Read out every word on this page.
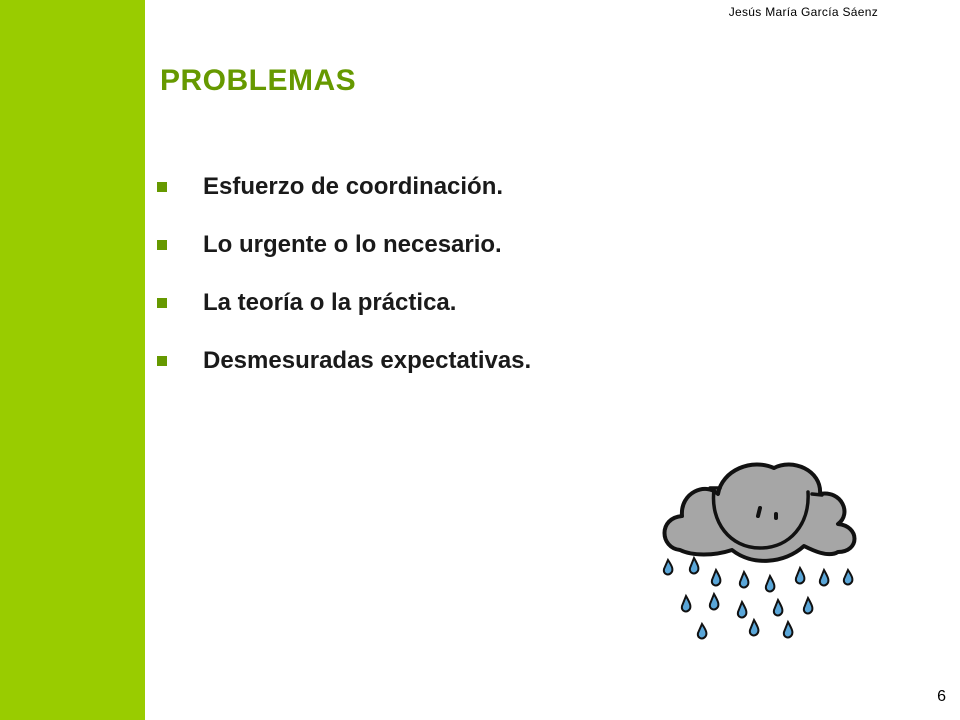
Jesús María García Sáenz
PROBLEMAS
Esfuerzo de coordinación.
Lo urgente o lo necesario.
La teoría o la práctica.
Desmesuradas expectativas.
6
